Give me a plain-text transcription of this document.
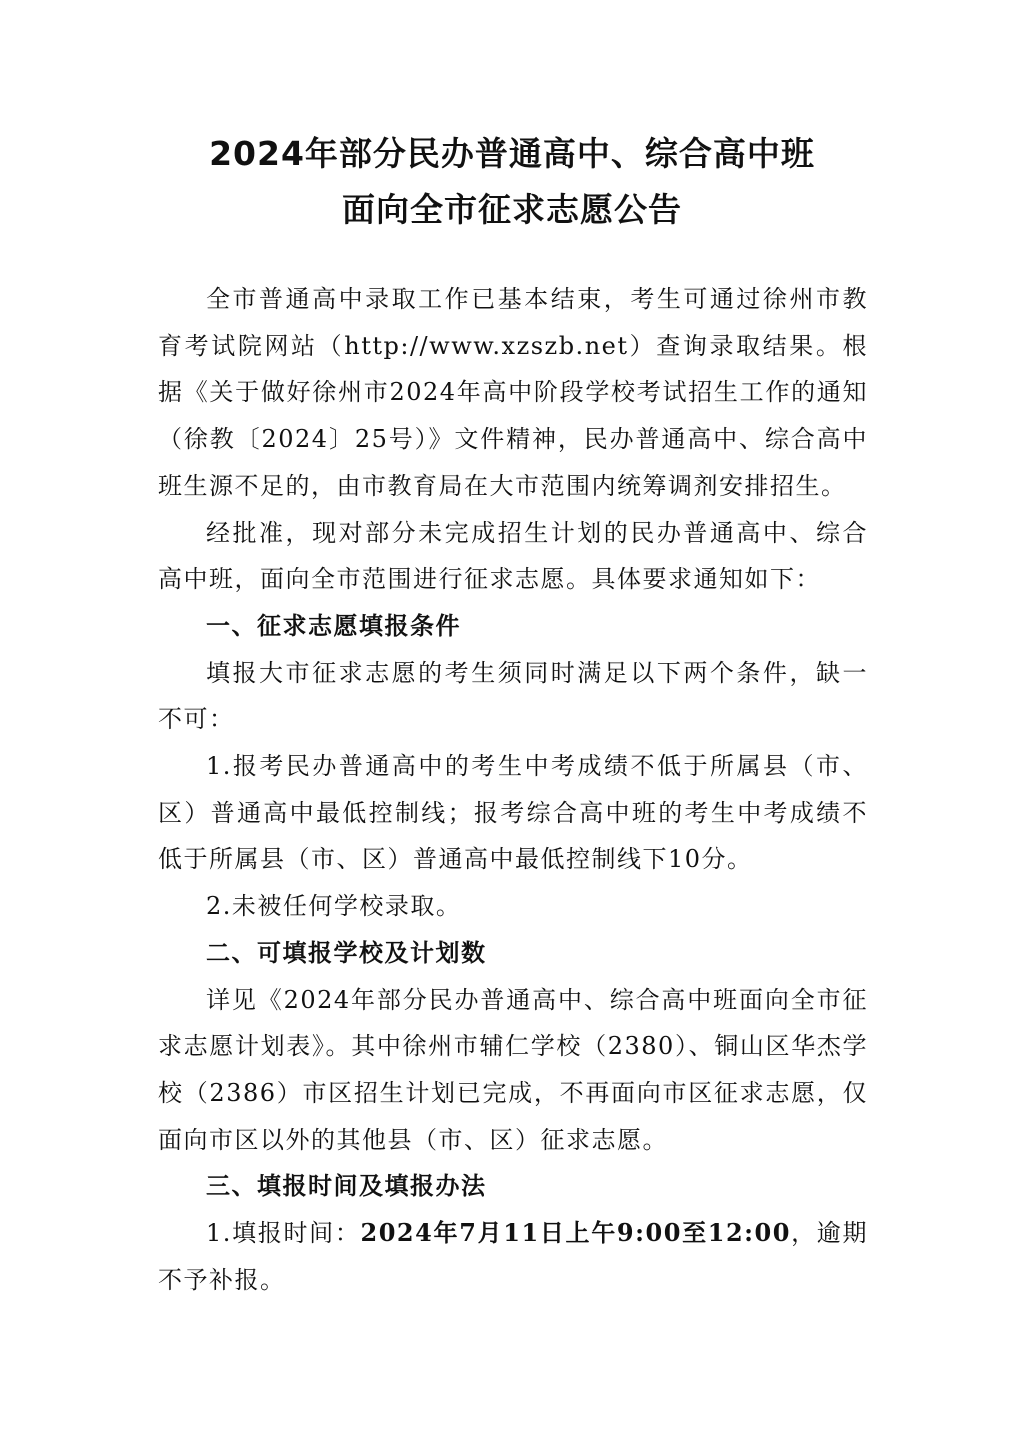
2024年部分民办普通高中、综合高中班
面向全市征求志愿公告

全市普通高中录取工作已基本结束，考生可通过徐州市教育考试院网站（http://www.xzszb.net）查询录取结果。根据《关于做好徐州市2024年高中阶段学校考试招生工作的通知（徐教〔2024〕25号）》文件精神，民办普通高中、综合高中班生源不足的，由市教育局在大市范围内统筹调剂安排招生。

经批准，现对部分未完成招生计划的民办普通高中、综合高中班，面向全市范围进行征求志愿。具体要求通知如下：

一、征求志愿填报条件

填报大市征求志愿的考生须同时满足以下两个条件，缺一不可：

1.报考民办普通高中的考生中考成绩不低于所属县（市、区）普通高中最低控制线；报考综合高中班的考生中考成绩不低于所属县（市、区）普通高中最低控制线下10分。

2.未被任何学校录取。

二、可填报学校及计划数

详见《2024年部分民办普通高中、综合高中班面向全市征求志愿计划表》。其中徐州市辅仁学校（2380）、铜山区华杰学校（2386）市区招生计划已完成，不再面向市区征求志愿，仅面向市区以外的其他县（市、区）征求志愿。

三、填报时间及填报办法

1.填报时间：2024年7月11日上午9:00至12:00，逾期不予补报。
